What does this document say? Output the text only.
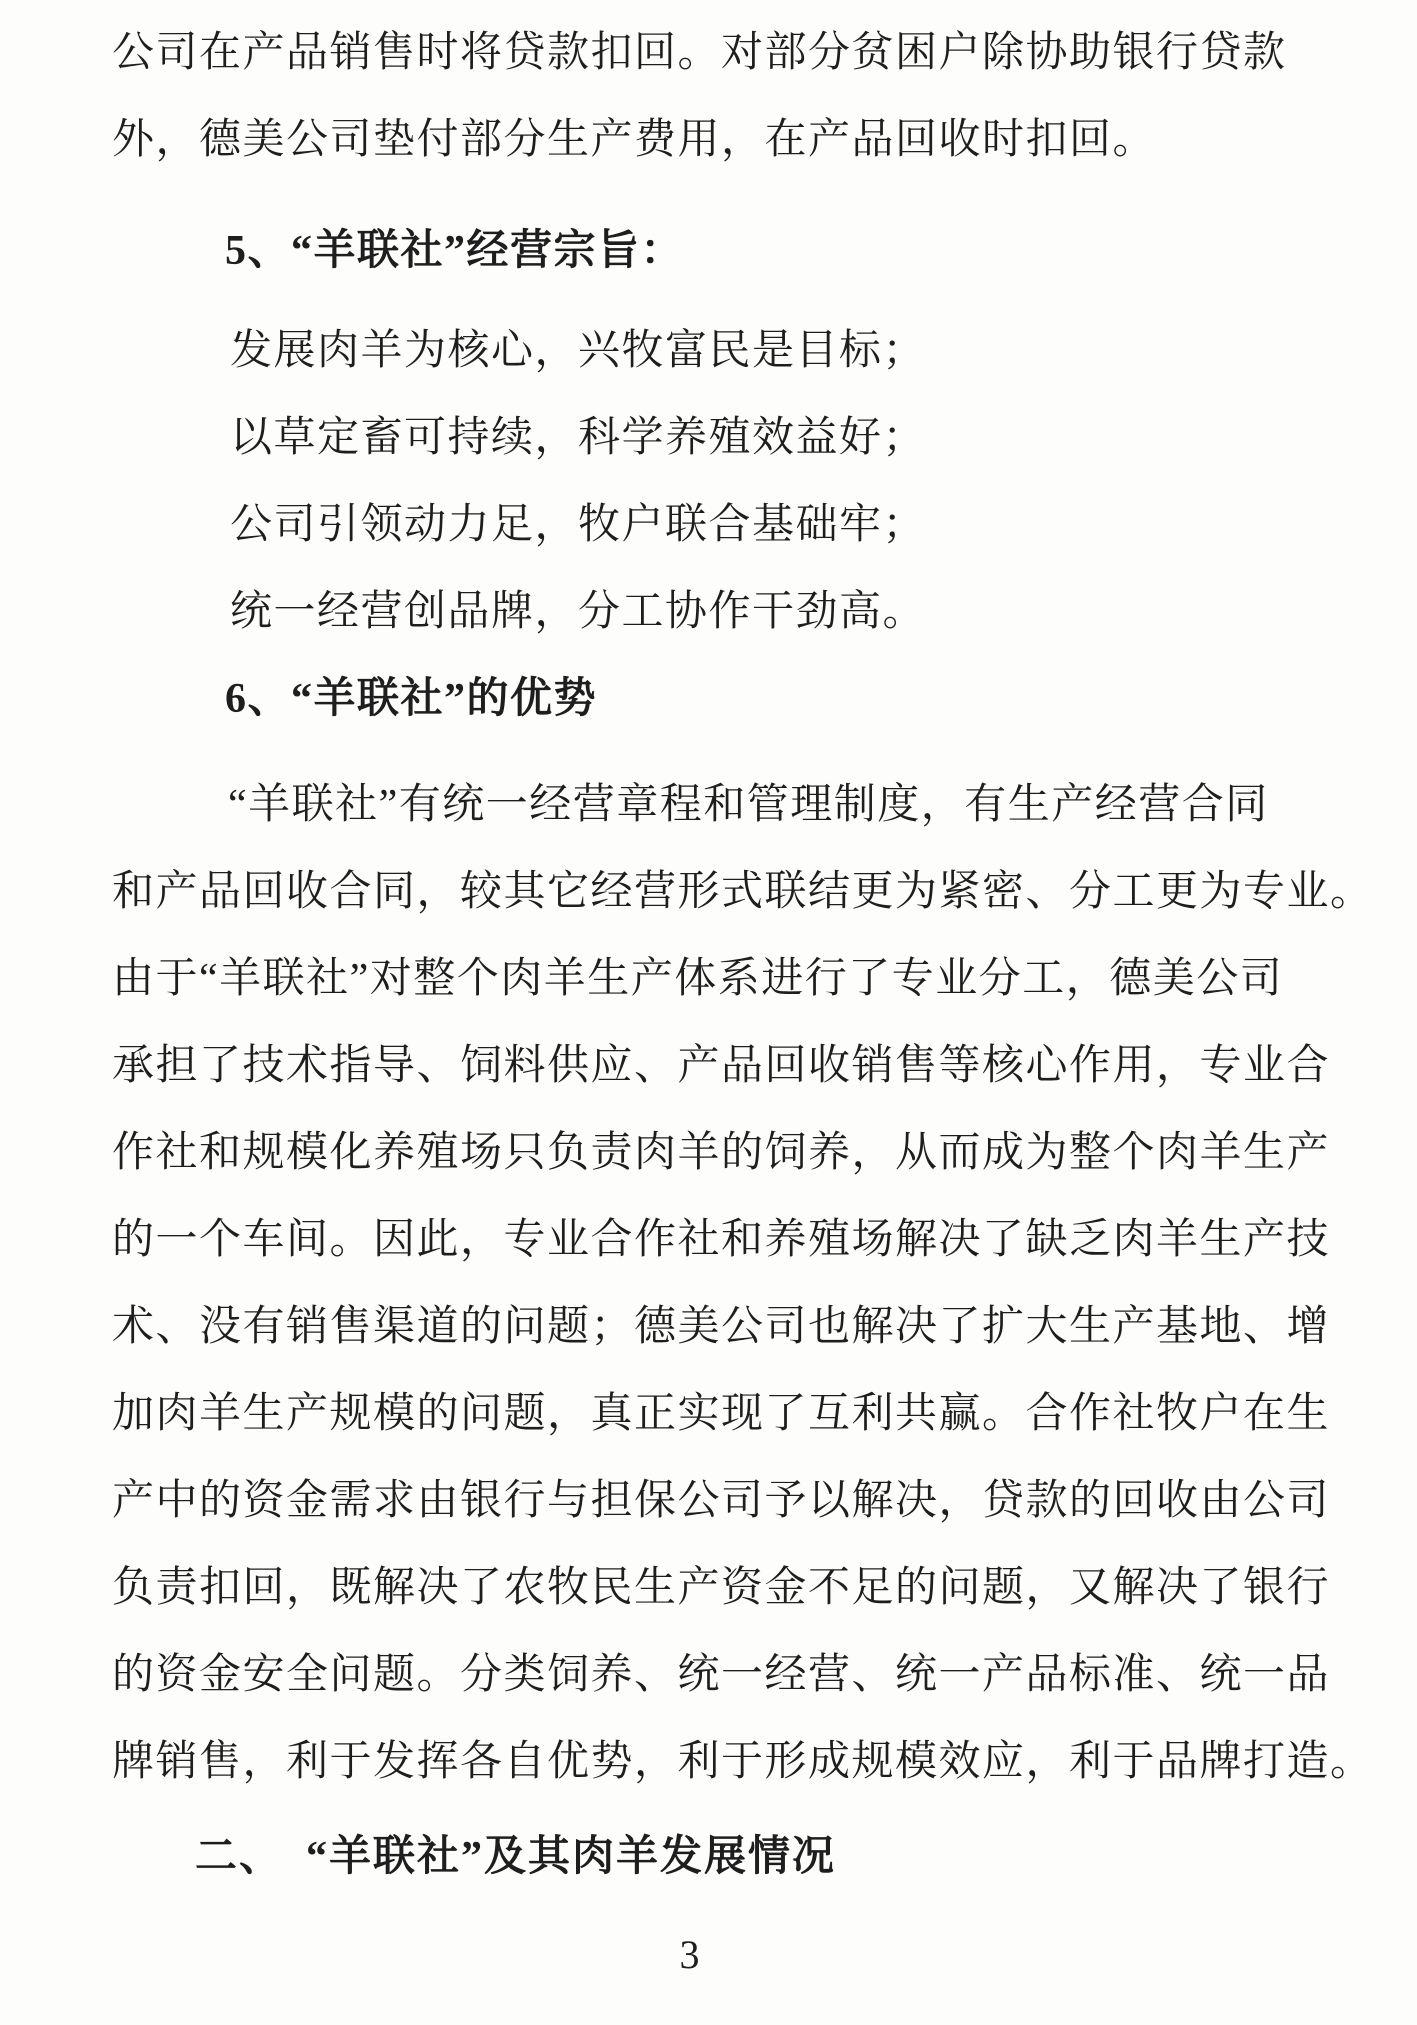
公司在产品销售时将贷款扣回。对部分贫困户除协助银行贷款
外，德美公司垫付部分生产费用，在产品回收时扣回。
5、“羊联社”经营宗旨：
发展肉羊为核心，兴牧富民是目标；
以草定畜可持续，科学养殖效益好；
公司引领动力足，牧户联合基础牢；
统一经营创品牌，分工协作干劲高。
6、“羊联社”的优势
“羊联社”有统一经营章程和管理制度，有生产经营合同
和产品回收合同，较其它经营形式联结更为紧密、分工更为专业。
由于“羊联社”对整个肉羊生产体系进行了专业分工，德美公司
承担了技术指导、饲料供应、产品回收销售等核心作用，专业合
作社和规模化养殖场只负责肉羊的饲养，从而成为整个肉羊生产
的一个车间。因此，专业合作社和养殖场解决了缺乏肉羊生产技
术、没有销售渠道的问题；德美公司也解决了扩大生产基地、增
加肉羊生产规模的问题，真正实现了互利共赢。合作社牧户在生
产中的资金需求由银行与担保公司予以解决，贷款的回收由公司
负责扣回，既解决了农牧民生产资金不足的问题，又解决了银行
的资金安全问题。分类饲养、统一经营、统一产品标准、统一品
牌销售，利于发挥各自优势，利于形成规模效应，利于品牌打造。
二、　“羊联社”及其肉羊发展情况
3
